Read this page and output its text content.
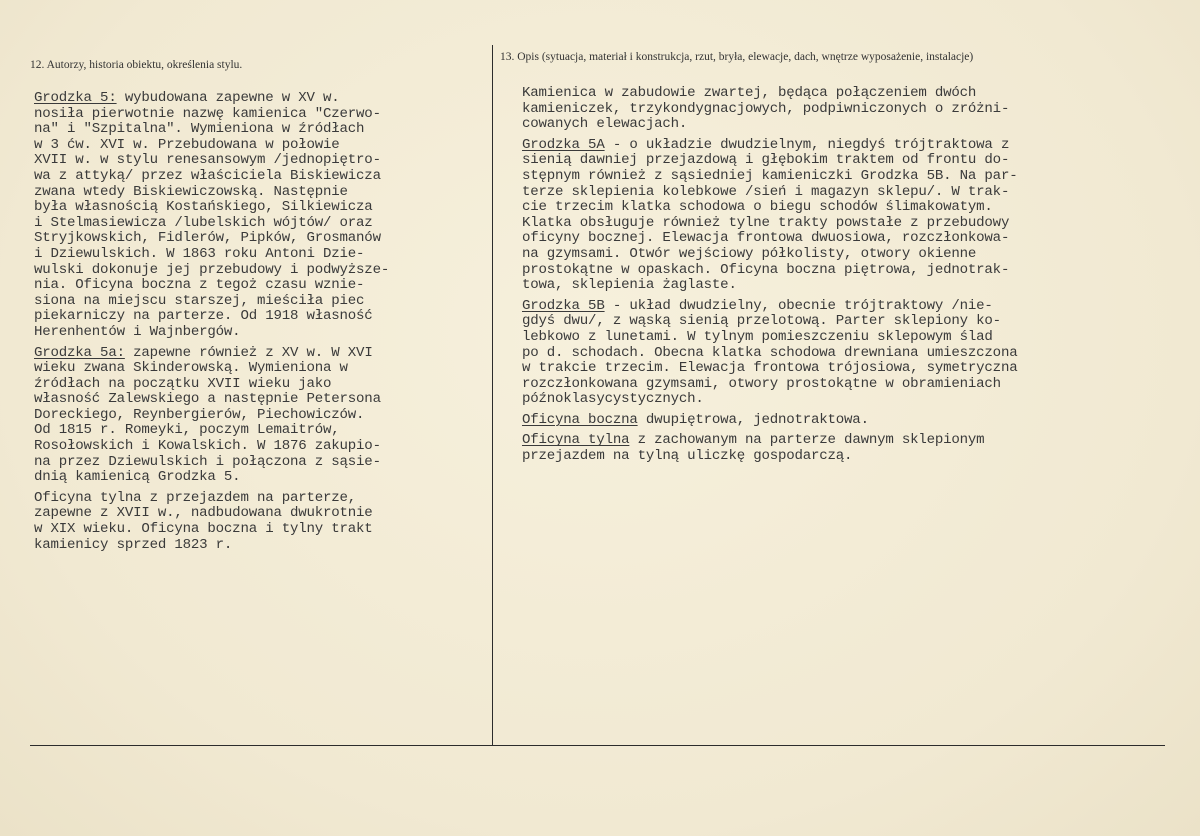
12. Autorzy, historia obiektu, określenia stylu.
13. Opis (sytuacja, materiał i konstrukcja, rzut, bryła, elewacje, dach, wnętrze wyposażenie, instalacje)
Grodzka 5: wybudowana zapewne w XV w.
nosiła pierwotnie nazwę kamienica "Czerwo-
na" i "Szpitalna". Wymieniona w źródłach
w 3 ćw. XVI w. Przebudowana w połowie
XVII w. w stylu renesansowym /jednopiętro-
wa z attyką/ przez właściciela Biskiewicza
zwana wtedy Biskiewiczowską. Następnie
była własnością Kostańskiego, Silkiewicza
i Stelmasiewicza /lubelskich wójtów/ oraz
Stryjkowskich, Fidlerów, Pipków, Grosmanów
i Dziewulskich. W 1863 roku Antoni Dzie-
wulski dokonuje jej przebudowy i podwyższe-
nia. Oficyna boczna z tegoż czasu wznie-
siona na miejscu starszej, mieściła piec
piekarniczy na parterze. Od 1918 własność
Herenhentów i Wajnbergów.
Grodzka 5a: zapewne również z XV w. W XVI
wieku zwana Skinderowską. Wymieniona w
źródłach na początku XVII wieku jako
własność Zalewskiego a następnie Petersona
Doreckiego, Reynbergierów, Piechowiczów.
Od 1815 r. Romeyki, poczym Lemaitrów,
Rosołowskich i Kowalskich. W 1876 zakupio-
na przez Dziewulskich i połączona z sąsie-
dnią kamienicą Grodzka 5.
Oficyna tylna z przejazdem na parterze,
zapewne z XVII w., nadbudowana dwukrotnie
w XIX wieku. Oficyna boczna i tylny trakt
kamienicy sprzed 1823 r.
Kamienica w zabudowie zwartej, będąca połączeniem dwóch
kamieniczek, trzykondygnacjowych, podpiwniczonych o zróżni-
cowanych elewacjach.
Grodzka 5A - o układzie dwudzielnym, niegdyś trójtraktowa z
sienią dawniej przejazdową i głębokim traktem od frontu do-
stępnym również z sąsiedniej kamieniczki Grodzka 5B. Na par-
terze sklepienia kolebkowe /sień i magazyn sklepu/. W trak-
cie trzecim klatka schodowa o biegu schodów ślimakowatym.
Klatka obsługuje również tylne trakty powstałe z przebudowy
oficyny bocznej. Elewacja frontowa dwuosiowa, rozczłonkowa-
na gzymsami. Otwór wejściowy półkolisty, otwory okienne
prostokątne w opaskach. Oficyna boczna piętrowa, jednotrak-
towa, sklepienia żaglaste.
Grodzka 5B - układ dwudzielny, obecnie trójtraktowy /nie-
gdyś dwu/, z wąską sienią przelotową. Parter sklepiony ko-
lebkowo z lunetami. W tylnym pomieszczeniu sklepowym ślad
po d. schodach. Obecna klatka schodowa drewniana umieszczona
w trakcie trzecim. Elewacja frontowa trójosiowa, symetryczna
rozczłonkowana gzymsami, otwory prostokątne w obramieniach
późnoklasycystycznych.
Oficyna boczna dwupiętrowa, jednotraktowa.
Oficyna tylna z zachowanym na parterze dawnym sklepionym
przejazdem na tylną uliczkę gospodarczą.
